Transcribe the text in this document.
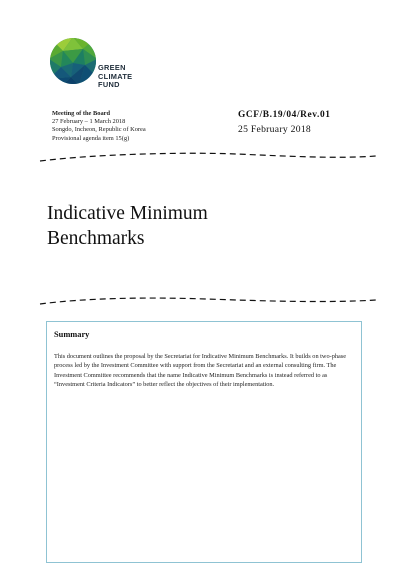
GREEN
CLIMATE
FUND
Meeting of the Board
27 February – 1 March 2018
Songdo, Incheon, Republic of Korea
Provisional agenda item 15(g)
GCF/B.19/04/Rev.01
25 February 2018
Indicative Minimum
Benchmarks
Summary
This document outlines the proposal by the Secretariat for Indicative Minimum Benchmarks. It builds on two-phase process led by the Investment Committee with support from the Secretariat and an external consulting firm. The Investment Committee recommends that the name Indicative Minimum Benchmarks is instead referred to as “Investment Criteria Indicators” to better reflect the objectives of their implementation.
